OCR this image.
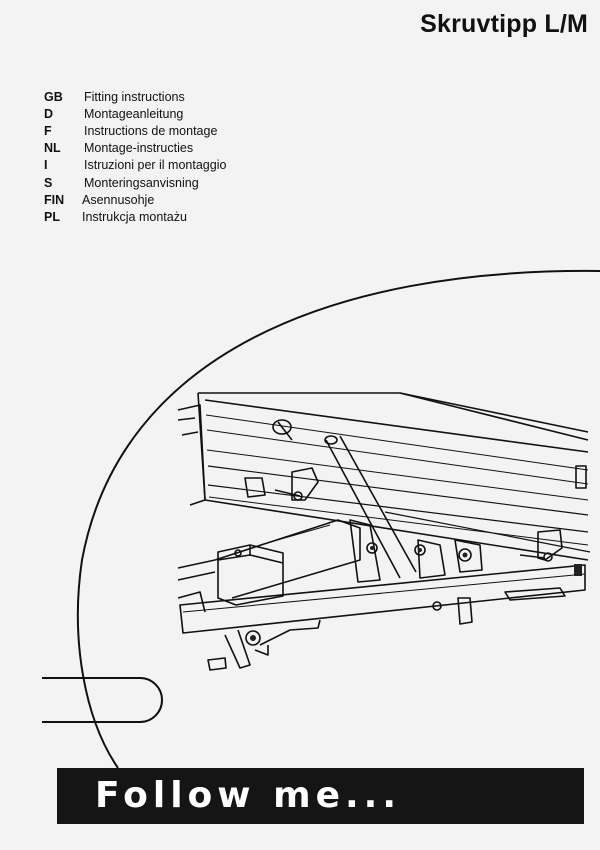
Skruvtipp L/M
GB	Fitting instructions
D	Montageanleitung
F	Instructions de montage
NL	Montage-instructies
I	Istruzioni per il montaggio
S	Monteringsanvisning
FIN	Asennusohje
PL	Instrukcja montażu
Follow me...
